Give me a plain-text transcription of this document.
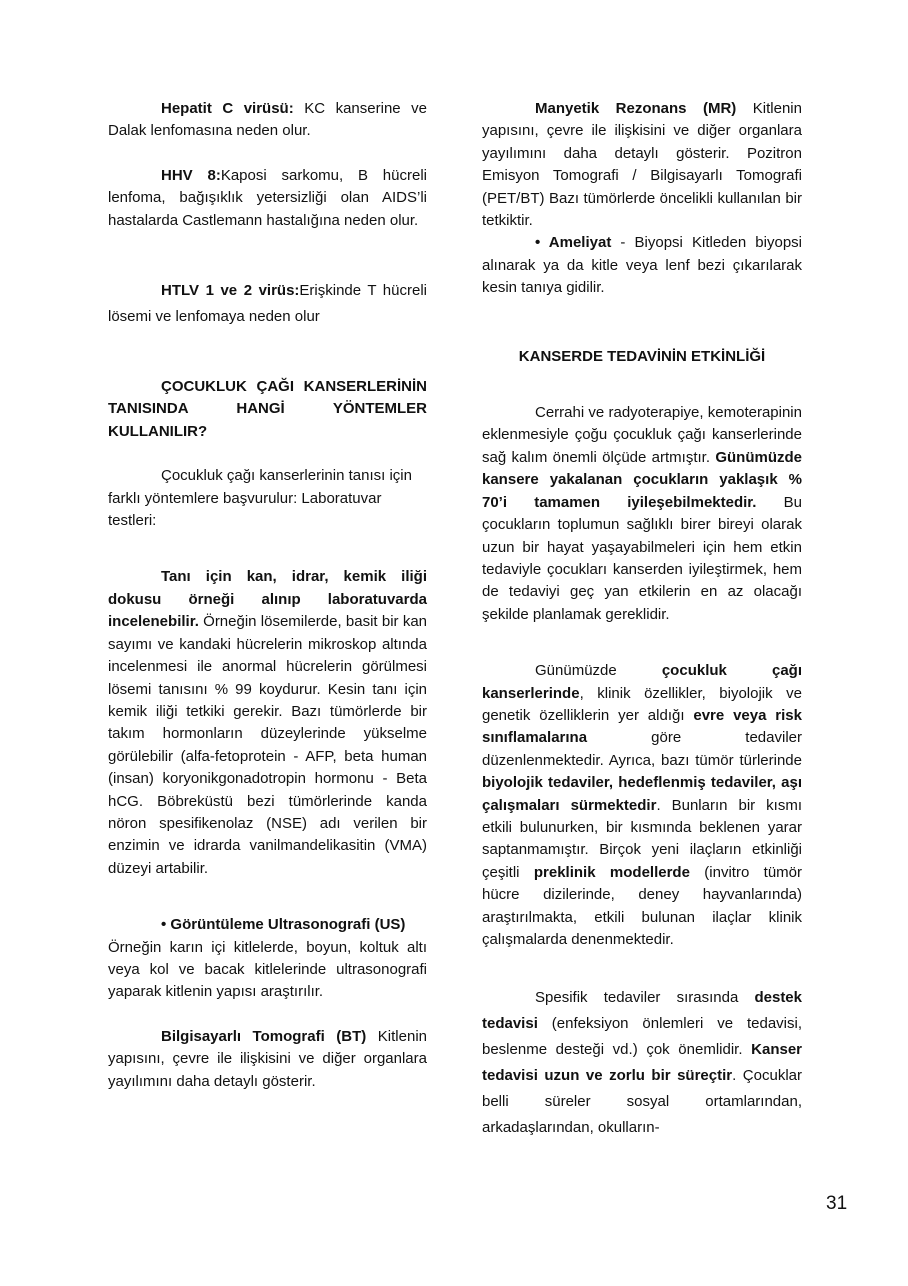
Hepatit C virüsü: KC kanserine ve Dalak lenfomasına neden olur.

HHV 8:Kaposi sarkomu, B hücreli lenfoma, bağışıklık yetersizliği olan AIDS’li hastalarda Castlemann hastalığına neden olur.

HTLV 1 ve 2 virüs:Erişkinde T hücreli lösemi ve lenfomaya neden olur

ÇOCUKLUK ÇAĞI KANSERLERİNİN TANISINDA HANGİ YÖNTEMLER KULLANILIR?

Çocukluk çağı kanserlerinin tanısı için farklı yöntemlere başvurulur: Laboratuvar testleri:

Tanı için kan, idrar, kemik iliği dokusu örneği alınıp laboratuvarda incelenebilir. Örneğin lösemilerde, basit bir kan sayımı ve kandaki hücrelerin mikroskop altında incelenmesi ile anormal hücrelerin görülmesi lösemi tanısını % 99 koydurur. Kesin tanı için kemik iliği tetkiki gerekir. Bazı tümörlerde bir takım hormonların düzeylerinde yükselme görülebilir (alfa-fetoprotein - AFP, beta human (insan) koryonikgonadotropin hormonu - Beta hCG. Böbreküstü bezi tümörlerinde kanda nöron spesifikenolaz (NSE) adı verilen bir enzimin ve idrarda vanilmandelikasitin (VMA) düzeyi artabilir.

• Görüntüleme Ultrasonografi (US)

Örneğin karın içi kitlelerde, boyun, koltuk altı veya kol ve bacak kitlelerinde ultrasonografi yaparak kitlenin yapısı araştırılır.

Bilgisayarlı Tomografi (BT) Kitlenin yapısını, çevre ile ilişkisini ve diğer organlara yayılımını daha detaylı gösterir.

Manyetik Rezonans (MR) Kitlenin yapısını, çevre ile ilişkisini ve diğer organlara yayılımını daha detaylı gösterir. Pozitron Emisyon Tomografi / Bilgisayarlı Tomografi (PET/BT) Bazı tümörlerde öncelikli kullanılan bir tetkiktir.

• Ameliyat - Biyopsi Kitleden biyopsi alınarak ya da kitle veya lenf bezi çıkarılarak kesin tanıya gidilir.

KANSERDE TEDAVİNİN ETKİNLİĞİ

Cerrahi ve radyoterapiye, kemoterapinin eklenmesiyle çoğu çocukluk çağı kanserlerinde sağ kalım önemli ölçüde artmıştır. Günümüzde kansere yakalanan çocukların yaklaşık % 70’i tamamen iyileşebilmektedir. Bu çocukların toplumun sağlıklı birer bireyi olarak uzun bir hayat yaşayabilmeleri için hem etkin tedaviyle çocukları kanserden iyileştirmek, hem de tedaviyi geç yan etkilerin en az olacağı şekilde planlamak gereklidir.

Günümüzde çocukluk çağı kanserlerinde, klinik özellikler, biyolojik ve genetik özelliklerin yer aldığı evre veya risk sınıflamalarına göre tedaviler düzenlenmektedir. Ayrıca, bazı tümör türlerinde biyolojik tedaviler, hedeflenmiş tedaviler, aşı çalışmaları sürmektedir. Bunların bir kısmı etkili bulunurken, bir kısmında beklenen yarar saptanmamıştır. Birçok yeni ilaçların etkinliği çeşitli preklinik modellerde (invitro tümör hücre dizilerinde, deney hayvanlarında) araştırılmakta, etkili bulunan ilaçlar klinik çalışmalarda denenmektedir.

Spesifik tedaviler sırasında destek tedavisi (enfeksiyon önlemleri ve tedavisi, beslenme desteği vd.) çok önemlidir. Kanser tedavisi uzun ve zorlu bir süreçtir. Çocuklar belli süreler sosyal ortamlarından, arkadaşlarından, okulların-

31
